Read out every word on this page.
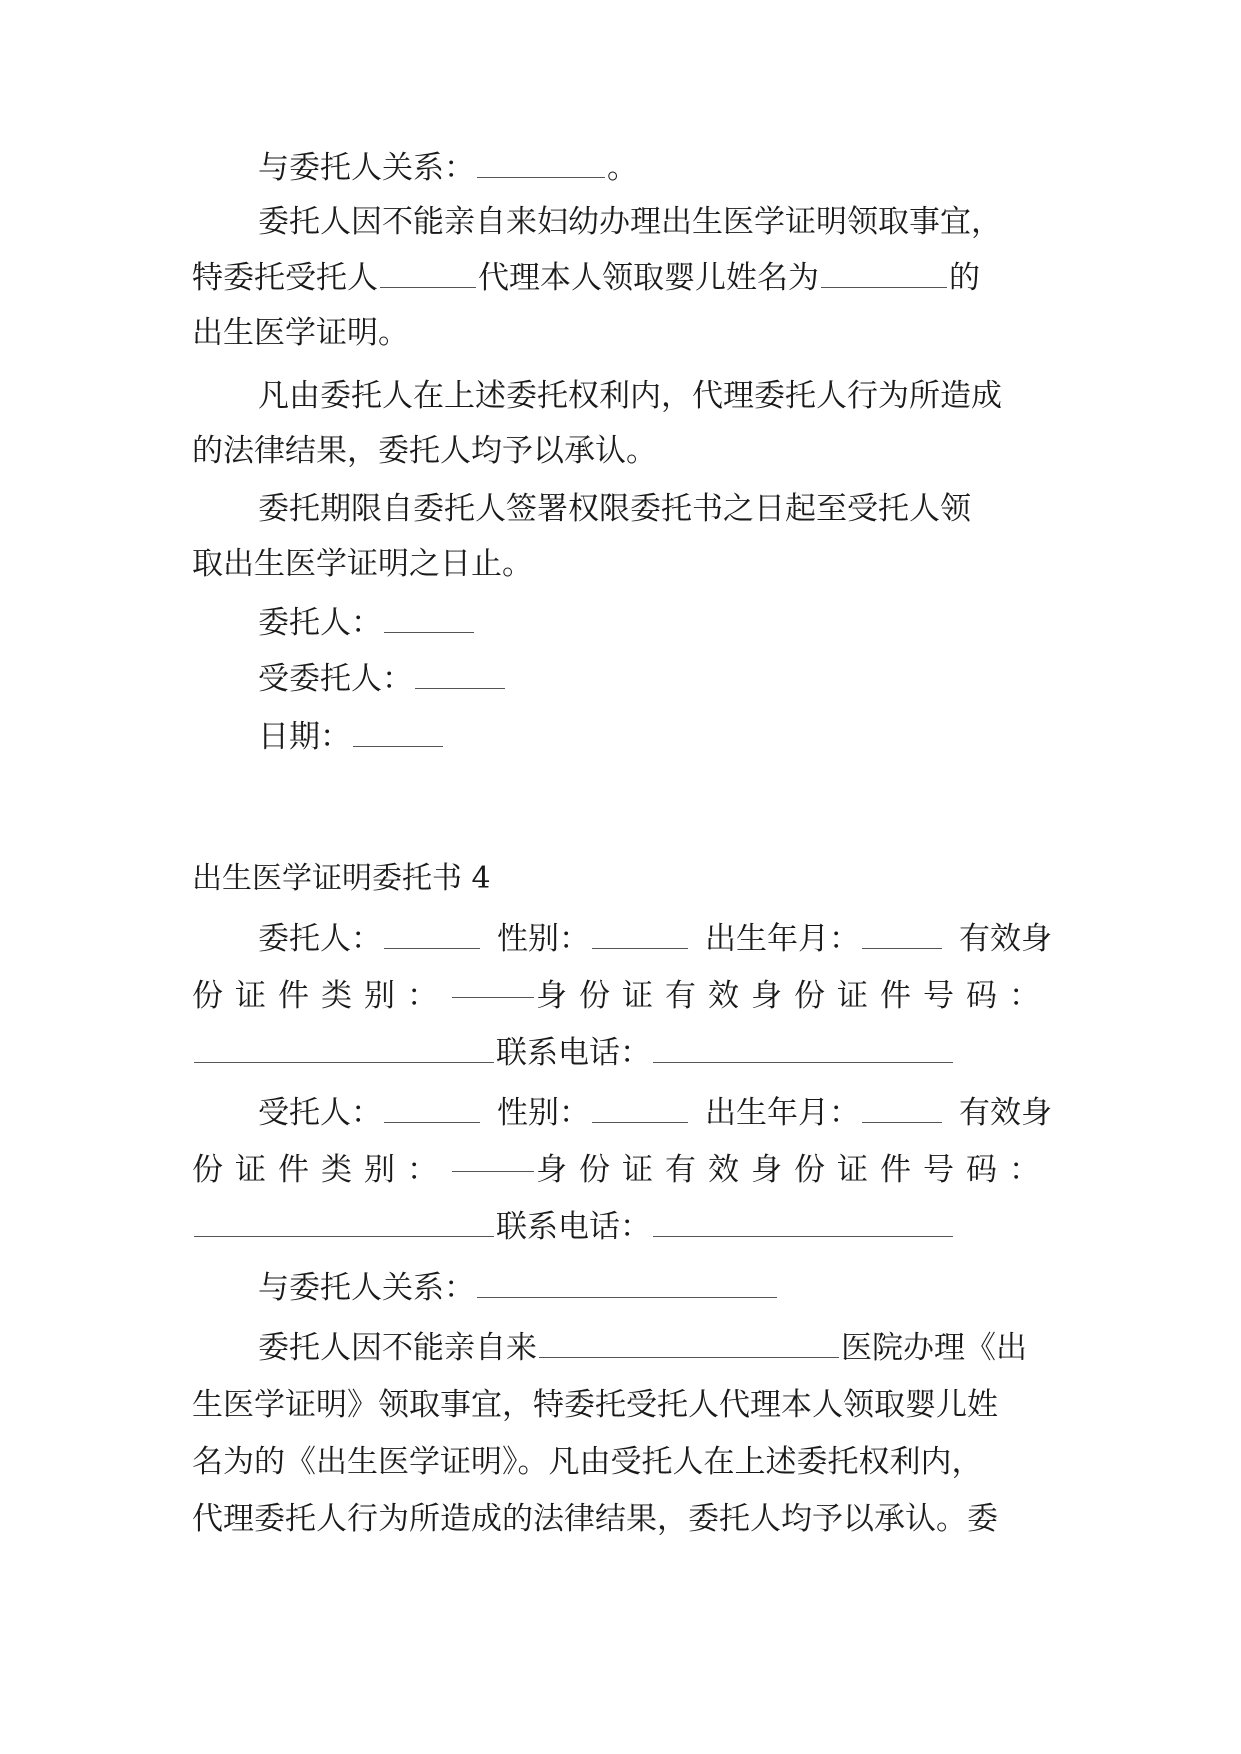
与委托人关系：	。
委托人因不能亲自来妇幼办理出生医学证明领取事宜，
特委托受托人	代理本人领取婴儿姓名为	的
出生医学证明。
凡由委托人在上述委托权利内，代理委托人行为所造成
的法律结果，委托人均予以承认。
委托期限自委托人签署权限委托书之日起至受托人领
取出生医学证明之日止。
委托人：
受委托人：
日期：
出生医学证明委托书 4
委托人：	性别：	出生年月：	有效身
份证件类别：	身份证有效身份证件号码：
联系电话：
受托人：	性别：	出生年月：	有效身
份证件类别：	身份证有效身份证件号码：
联系电话：
与委托人关系：
委托人因不能亲自来	医院办理《出
生医学证明》领取事宜，特委托受托人代理本人领取婴儿姓
名为的《出生医学证明》。凡由受托人在上述委托权利内，
代理委托人行为所造成的法律结果，委托人均予以承认。委
